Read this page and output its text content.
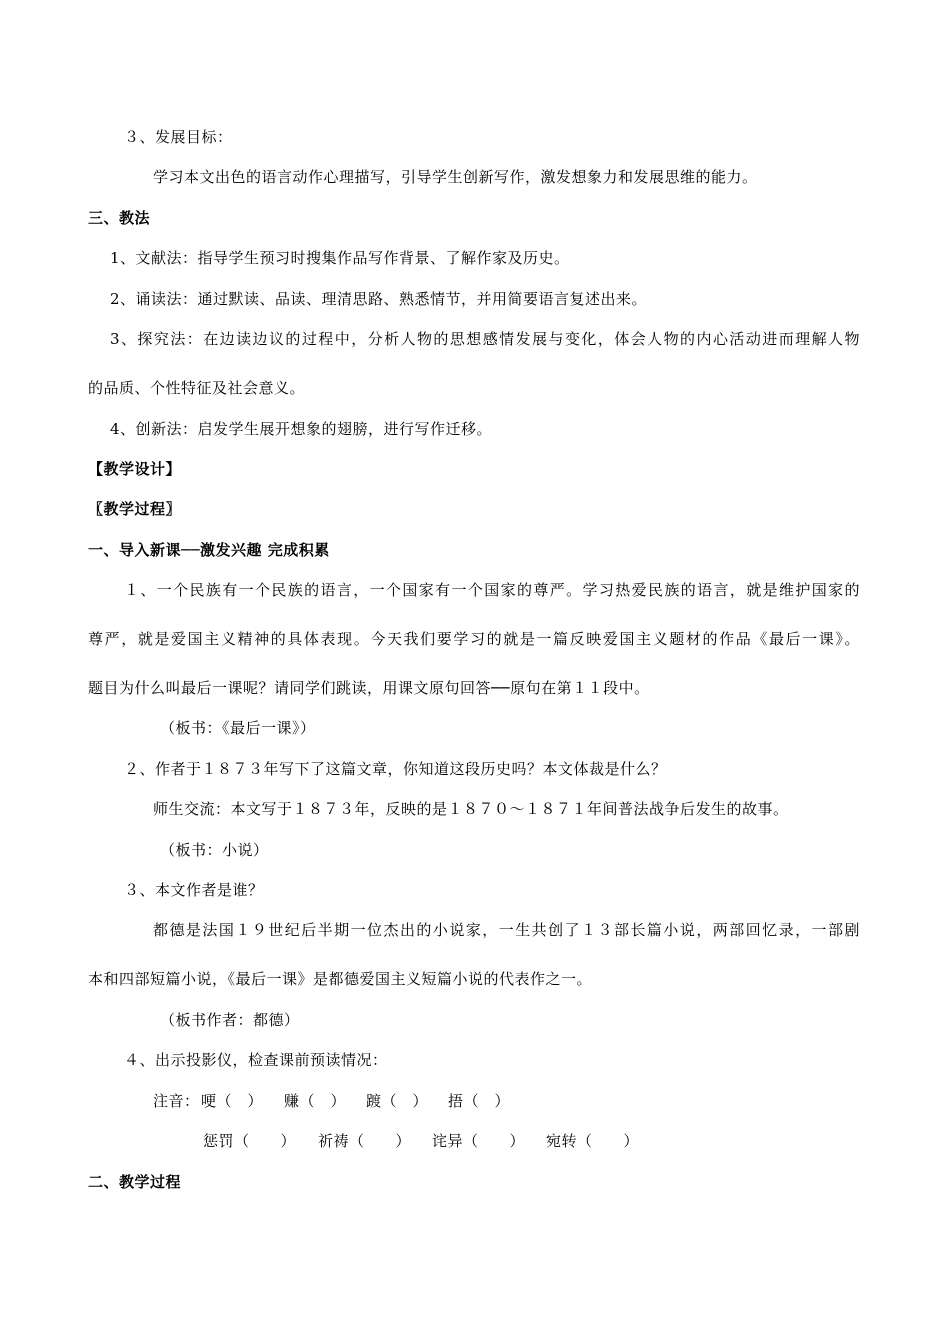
３、发展目标：
学习本文出色的语言动作心理描写，引导学生创新写作，激发想象力和发展思维的能力。
三、教法
1、文献法：指导学生预习时搜集作品写作背景、了解作家及历史。
2、诵读法：通过默读、品读、理清思路、熟悉情节，并用简要语言复述出来。
3、探究法：在边读边议的过程中，分析人物的思想感情发展与变化，体会人物的内心活动进而理解人物
的品质、个性特征及社会意义。
4、创新法：启发学生展开想象的翅膀，进行写作迁移。
【教学设计】
〖教学过程〗
一、导入新课──激发兴趣 完成积累
１、一个民族有一个民族的语言，一个国家有一个国家的尊严。学习热爱民族的语言，就是维护国家的
尊严，就是爱国主义精神的具体表现。今天我们要学习的就是一篇反映爱国主义题材的作品《最后一课》。
题目为什么叫最后一课呢？请同学们跳读，用课文原句回答──原句在第１１段中。
（板书：《最后一课》）
２、作者于１８７３年写下了这篇文章，你知道这段历史吗？本文体裁是什么？
师生交流：本文写于１８７３年，反映的是１８７０～１８７１年间普法战争后发生的故事。
（板书：小说）
３、本文作者是谁？
都德是法国１９世纪后半期一位杰出的小说家，一生共创了１３部长篇小说，两部回忆录，一部剧
本和四部短篇小说，《最后一课》是都德爱国主义短篇小说的代表作之一。
（板书作者：都德）
４、出示投影仪，检查课前预读情况：
注音： 哽（　） 赚（　） 踱（　） 捂（　）
惩罚（　　） 祈祷（　　） 诧异（　　） 宛转（　　）
二、教学过程
